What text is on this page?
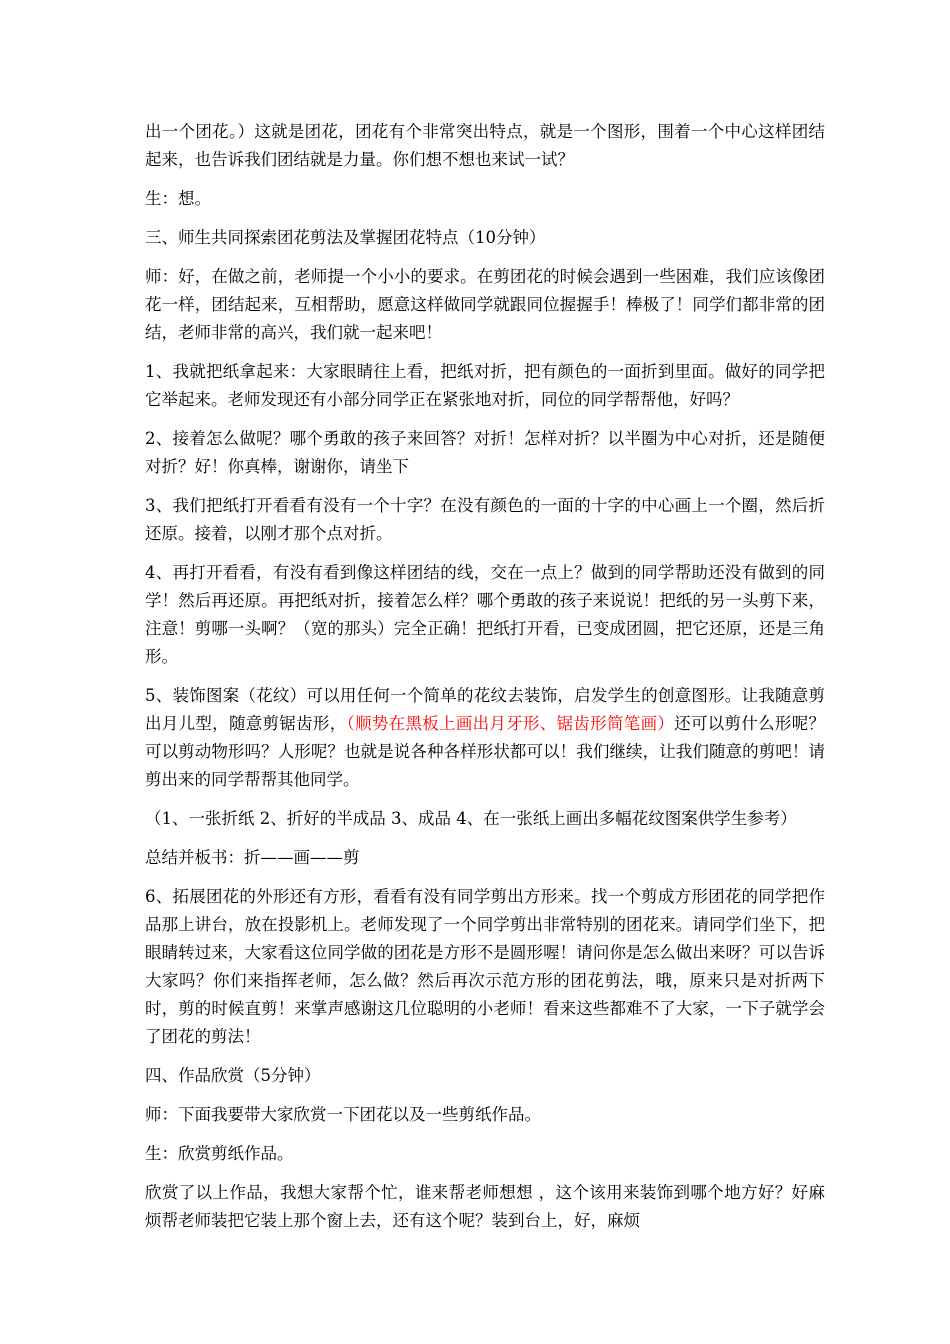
出一个团花。）这就是团花，团花有个非常突出特点，就是一个图形，围着一个中心这样团结起来，也告诉我们团结就是力量。你们想不想也来试一试？

生：想。

三、师生共同探索团花剪法及掌握团花特点（10分钟）

师：好，在做之前，老师提一个小小的要求。在剪团花的时候会遇到一些困难，我们应该像团花一样，团结起来，互相帮助，愿意这样做同学就跟同位握握手！棒极了！同学们都非常的团结，老师非常的高兴，我们就一起来吧！

1、我就把纸拿起来：大家眼睛往上看，把纸对折，把有颜色的一面折到里面。做好的同学把它举起来。老师发现还有小部分同学正在紧张地对折，同位的同学帮帮他，好吗？

2、接着怎么做呢？哪个勇敢的孩子来回答？对折！怎样对折？以半圈为中心对折，还是随便对折？好！你真棒，谢谢你，请坐下

3、我们把纸打开看看有没有一个十字？在没有颜色的一面的十字的中心画上一个圈，然后折还原。接着，以刚才那个点对折。

4、再打开看看，有没有看到像这样团结的线，交在一点上？做到的同学帮助还没有做到的同学！然后再还原。再把纸对折，接着怎么样？哪个勇敢的孩子来说说！把纸的另一头剪下来，注意！剪哪一头啊？（宽的那头）完全正确！把纸打开看，已变成团圆，把它还原，还是三角形。

5、装饰图案（花纹）可以用任何一个简单的花纹去装饰，启发学生的创意图形。让我随意剪出月儿型，随意剪锯齿形，（顺势在黑板上画出月牙形、锯齿形简笔画）还可以剪什么形呢？可以剪动物形吗？人形呢？也就是说各种各样形状都可以！我们继续，让我们随意的剪吧！请剪出来的同学帮帮其他同学。

（1、一张折纸 2、折好的半成品 3、成品 4、在一张纸上画出多幅花纹图案供学生参考）

总结并板书：折——画——剪

6、拓展团花的外形还有方形，看看有没有同学剪出方形来。找一个剪成方形团花的同学把作品那上讲台，放在投影机上。老师发现了一个同学剪出非常特别的团花来。请同学们坐下，把眼睛转过来，大家看这位同学做的团花是方形不是圆形喔！请问你是怎么做出来呀？可以告诉大家吗？你们来指挥老师，怎么做？然后再次示范方形的团花剪法，哦，原来只是对折两下时，剪的时候直剪！来掌声感谢这几位聪明的小老师！看来这些都难不了大家，一下子就学会了团花的剪法！

四、作品欣赏（5分钟）

师：下面我要带大家欣赏一下团花以及一些剪纸作品。

生：欣赏剪纸作品。

欣赏了以上作品，我想大家帮个忙，谁来帮老师想想 ，这个该用来装饰到哪个地方好？好麻烦帮老师装把它装上那个窗上去，还有这个呢？装到台上，好，麻烦
